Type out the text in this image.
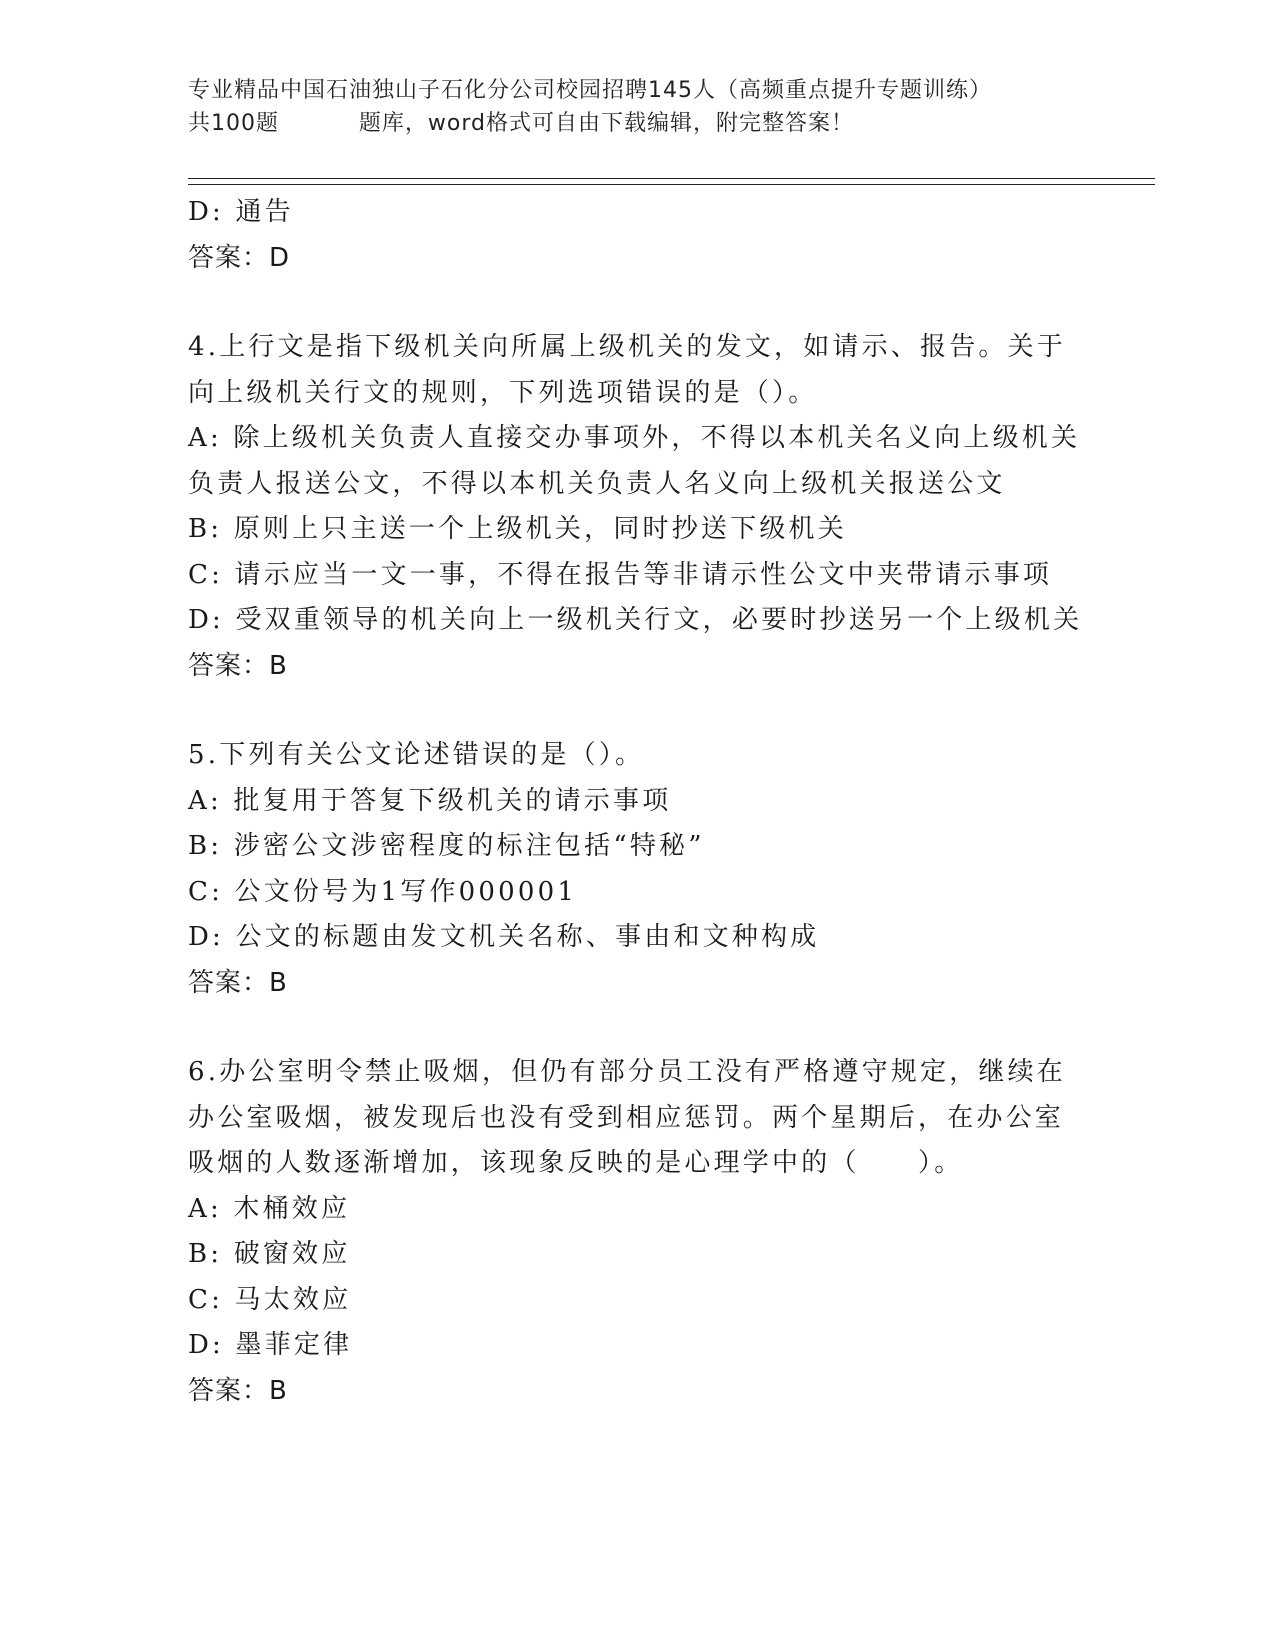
专业精品中国石油独山子石化分公司校园招聘145人（高频重点提升专题训练）
共100题          题库，word格式可自由下载编辑，附完整答案！
D: 通告
答案：D
4.上行文是指下级机关向所属上级机关的发文，如请示、报告。关于
向上级机关行文的规则，下列选项错误的是（）。
A: 除上级机关负责人直接交办事项外，不得以本机关名义向上级机关
负责人报送公文，不得以本机关负责人名义向上级机关报送公文
B: 原则上只主送一个上级机关，同时抄送下级机关
C: 请示应当一文一事，不得在报告等非请示性公文中夹带请示事项
D: 受双重领导的机关向上一级机关行文，必要时抄送另一个上级机关
答案：B
5.下列有关公文论述错误的是（）。
A: 批复用于答复下级机关的请示事项
B: 涉密公文涉密程度的标注包括“特秘”
C: 公文份号为1写作000001
D: 公文的标题由发文机关名称、事由和文种构成
答案：B
6.办公室明令禁止吸烟，但仍有部分员工没有严格遵守规定，继续在
办公室吸烟，被发现后也没有受到相应惩罚。两个星期后，在办公室
吸烟的人数逐渐增加，该现象反映的是心理学中的（　　）。
A: 木桶效应
B: 破窗效应
C: 马太效应
D: 墨菲定律
答案：B
